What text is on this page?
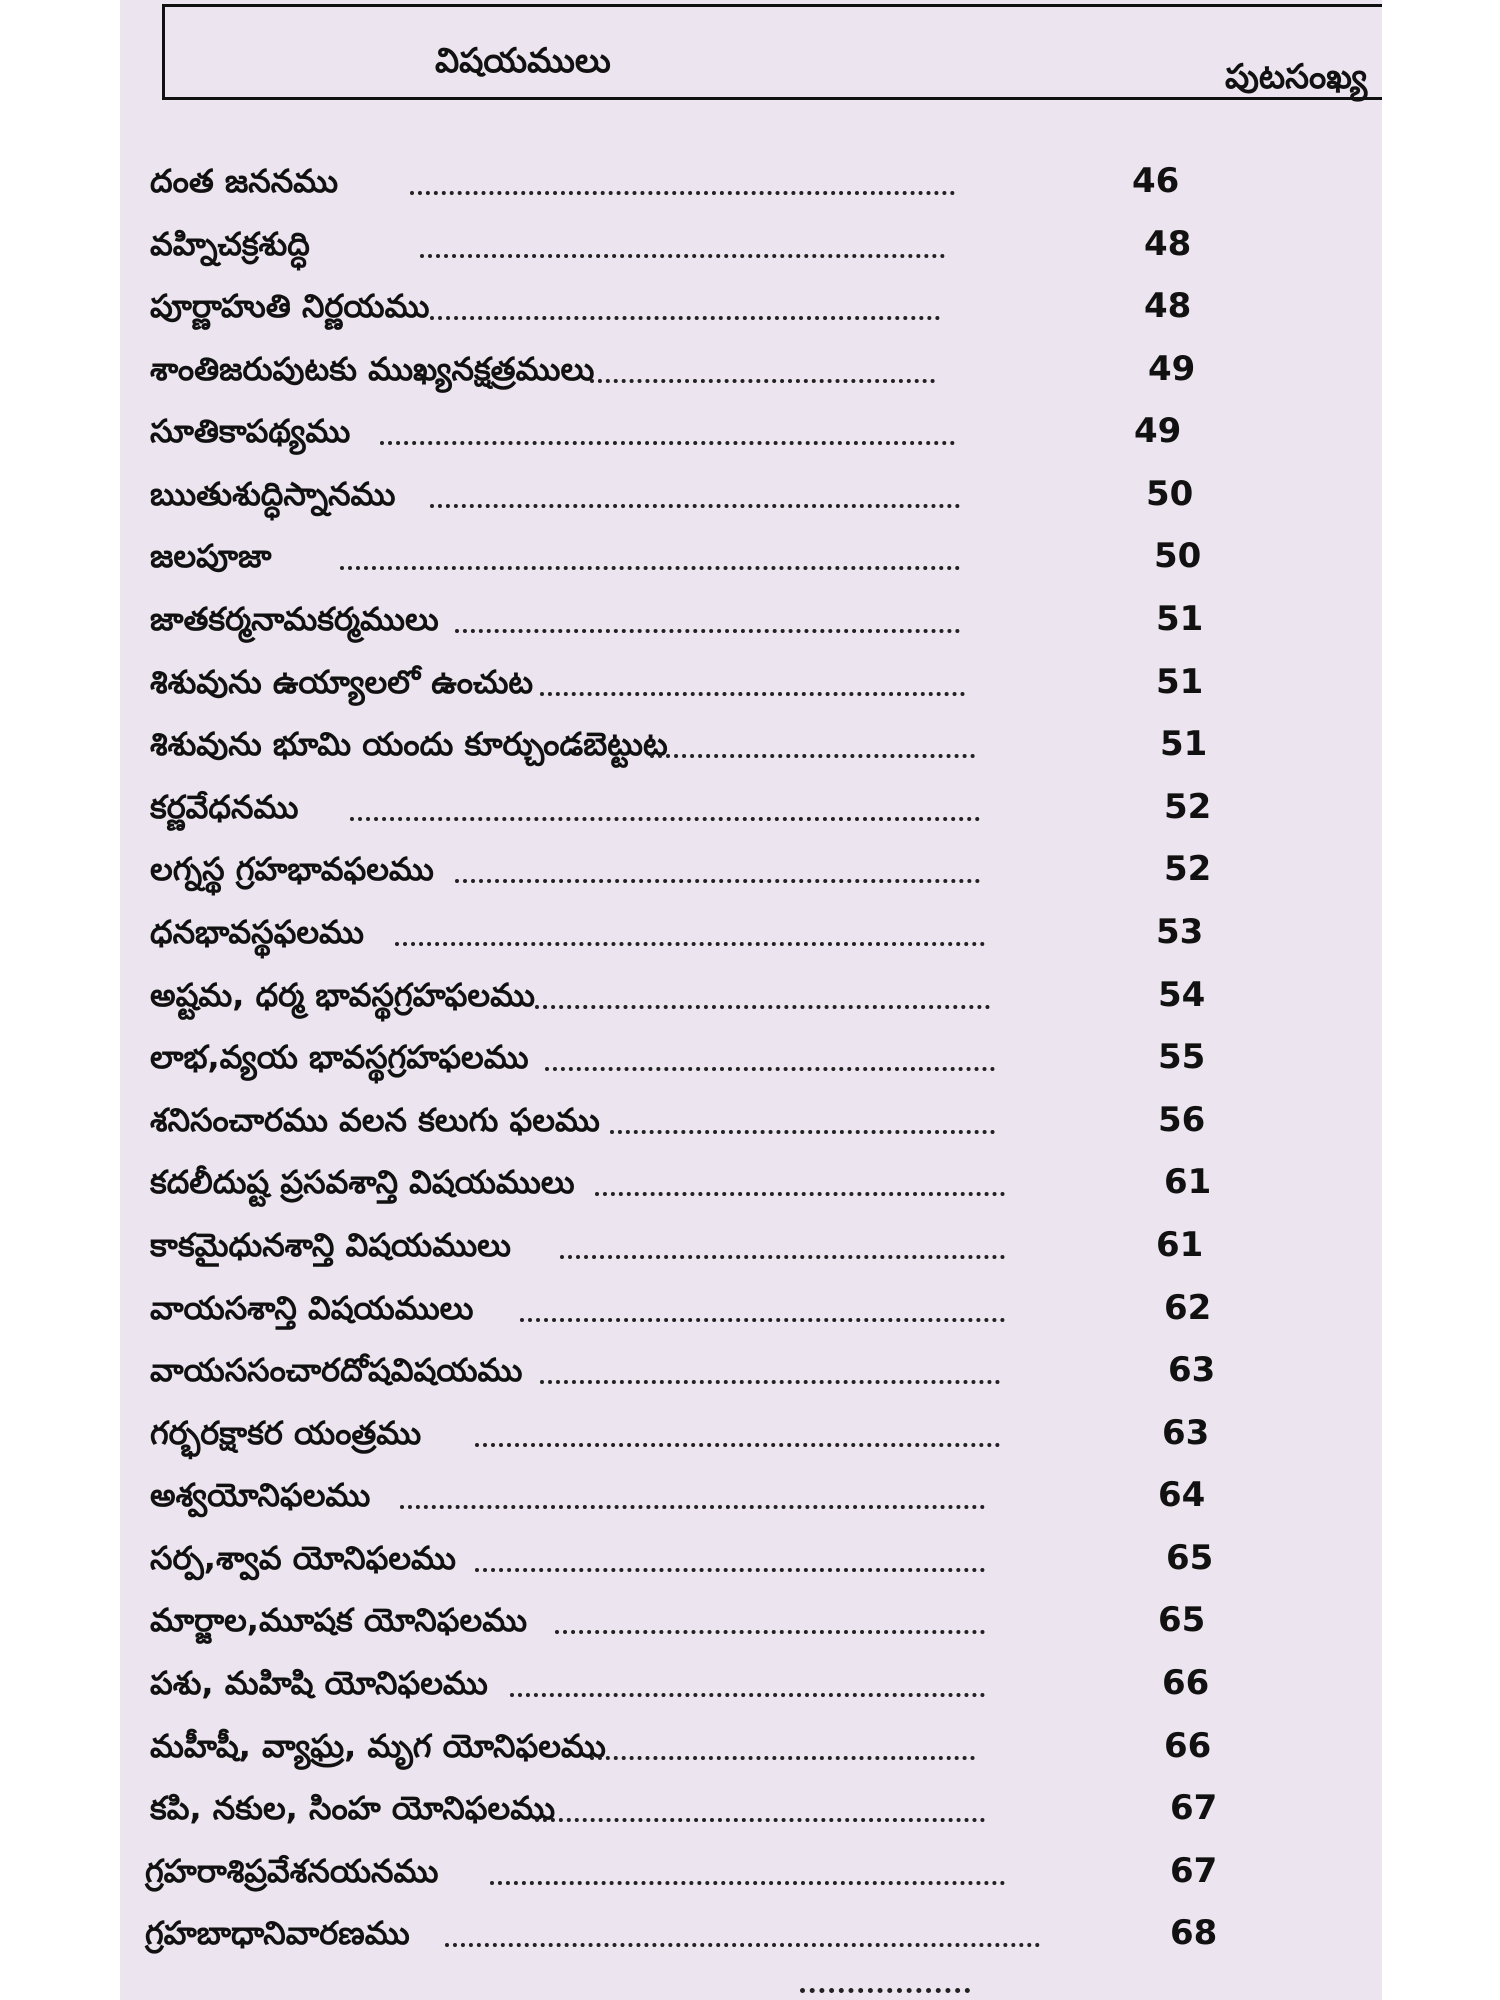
విషయములు	పుటసంఖ్య
దంత జననము	46
వహ్నిచక్రశుద్ధి	48
పూర్ణాహుతి నిర్ణయము	48
శాంతిజరుపుటకు ముఖ్యనక్షత్రములు	49
సూతికాపథ్యము	49
ఋతుశుద్ధిస్నానము	50
జలపూజా	50
జాతకర్మనామకర్మములు	51
శిశువును ఉయ్యాలలో ఉంచుట	51
శిశువును భూమి యందు కూర్చుండబెట్టుట	51
కర్ణవేధనము	52
లగ్నస్థ గ్రహభావఫలము	52
ధనభావస్థఫలము	53
అష్టమ, ధర్మ భావస్థగ్రహఫలము	54
లాభ,వ్యయ భావస్థగ్రహఫలము	55
శనిసంచారము వలన కలుగు ఫలము	56
కదలీదుష్ట ప్రసవశాన్తి విషయములు	61
కాకమైధునశాన్తి విషయములు	61
వాయసశాన్తి విషయములు	62
వాయససంచారదోషవిషయము	63
గర్భరక్షాకర యంత్రము	63
అశ్వయోనిఫలము	64
సర్ప,శ్వావ యోనిఫలము	65
మార్జాల,మూషక యోనిఫలము	65
పశు, మహిషి యోనిఫలము	66
మహీషీ, వ్యాఘ్ర, మృగ యోనిఫలము	66
కపి, నకుల, సింహ యోనిఫలము	67
గ్రహరాశిప్రవేశనయనము	67
గ్రహబాధానివారణము	68
